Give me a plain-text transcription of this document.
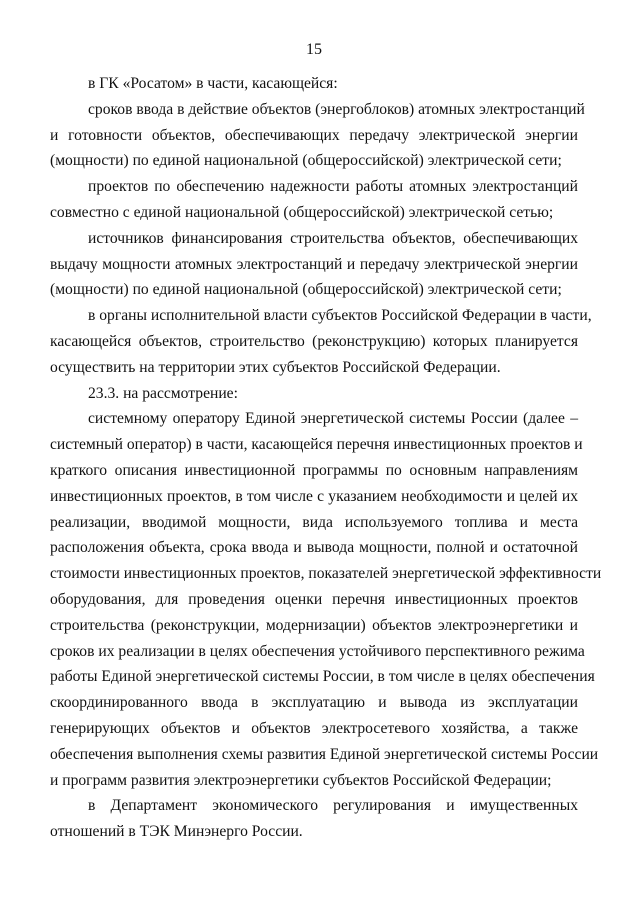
15

в ГК «Росатом» в части, касающейся:

сроков ввода в действие объектов (энергоблоков) атомных электростанций
и готовности объектов, обеспечивающих передачу электрической энергии
(мощности) по единой национальной (общероссийской) электрической сети;

проектов по обеспечению надежности работы атомных электростанций
совместно с единой национальной (общероссийской) электрической сетью;

источников финансирования строительства объектов, обеспечивающих
выдачу мощности атомных электростанций и передачу электрической энергии
(мощности) по единой национальной (общероссийской) электрической сети;

в органы исполнительной власти субъектов Российской Федерации в части,
касающейся объектов, строительство (реконструкцию) которых планируется
осуществить на территории этих субъектов Российской Федерации.

23.3. на рассмотрение:

системному оператору Единой энергетической системы России (далее –
системный оператор) в части, касающейся перечня инвестиционных проектов и
краткого описания инвестиционной программы по основным направлениям
инвестиционных проектов, в том числе с указанием необходимости и целей их
реализации, вводимой мощности, вида используемого топлива и места
расположения объекта, срока ввода и вывода мощности, полной и остаточной
стоимости инвестиционных проектов, показателей энергетической эффективности
оборудования, для проведения оценки перечня инвестиционных проектов
строительства (реконструкции, модернизации) объектов электроэнергетики и
сроков их реализации в целях обеспечения устойчивого перспективного режима
работы Единой энергетической системы России, в том числе в целях обеспечения
скоординированного ввода в эксплуатацию и вывода из эксплуатации
генерирующих объектов и объектов электросетевого хозяйства, а также
обеспечения выполнения схемы развития Единой энергетической системы России
и программ развития электроэнергетики субъектов Российской Федерации;

в Департамент экономического регулирования и имущественных
отношений в ТЭК Минэнерго России.
